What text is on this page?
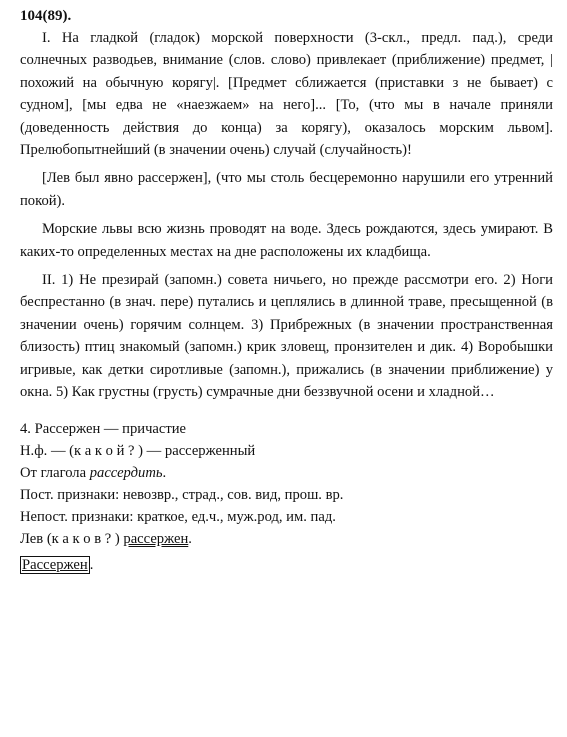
104(89).

I. На гладкой (гладок) морской поверхности (3-скл., предл. пад.), среди солнечных разводьев, внимание (слов. слово) привлекает (приближение) предмет, |похожий на обычную корягу|. [Предмет cближается (приставки з не бывает) с судном], [мы едва не «наезжаем» на него]... [То, (что мы в начале приняли (доведенность действия до конца) за корягу), оказалось морским львом]. Прелюбопытнейший (в значении очень) случай (случайность)!

[Лев был явно рассержен], (что мы столь бесцеремонно нарушили его утренний покой).

Морские львы всю жизнь проводят на воде. Здесь рождаются, здесь умирают. В каких-то определенных местах на дне расположены их кладбища.

II. 1) Не презирай (запомн.) совета ничьего, но прежде рассмотри его. 2) Ноги беспрестанно (в знач. пере) путались и цеплялись в длинной траве, пресыщенной (в значении очень) горячим солнцем. 3) Прибрежных (в значении пространственная близость) птиц знакомый (запомн.) крик зловещ, пронзителен и дик. 4) Воробышки игривые, как детки сиротливые (запомн.), прижались (в значении приближение) у окна. 5) Как грустны (грусть) сумрачные дни беззвучной осени и хладной…

4. Рассержен — причастие
Н.ф. — (к а к о й ? ) — рассерженный
От глагола рассердить.
Пост. признаки: невозвр., страд., сов. вид, прош. вр.
Непост. признаки: краткое, ед.ч., муж.род, им. пад.
Лев (к а к о в ? ) рассержен.
Рассержен .
